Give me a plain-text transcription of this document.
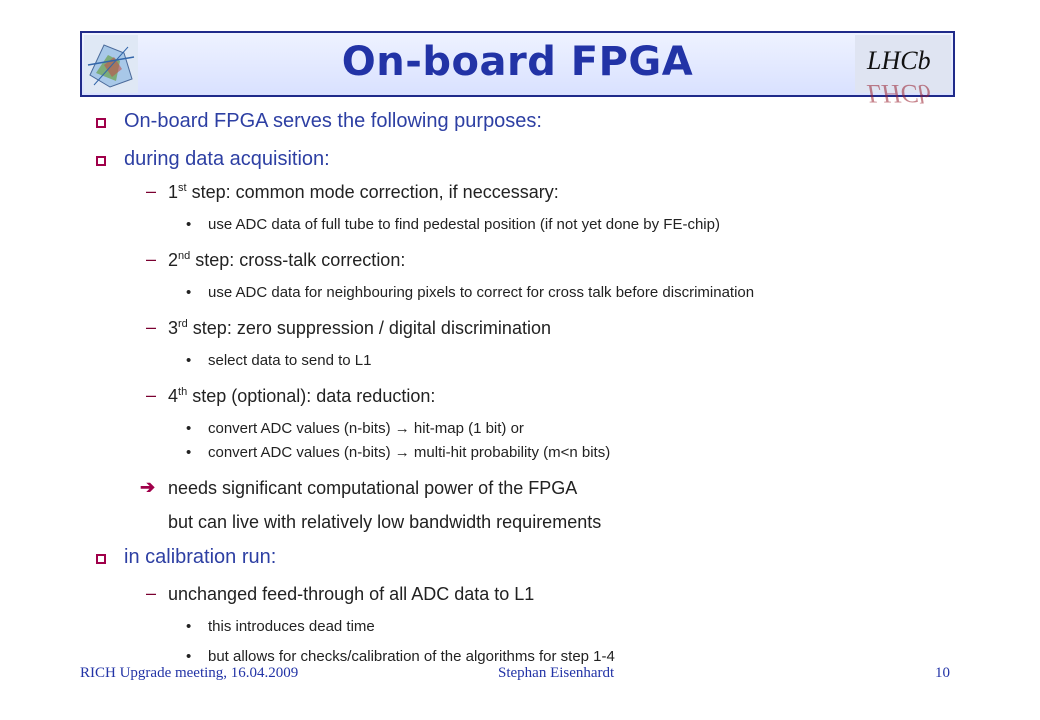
On-board FPGA	LHCb
LHCb
On-board FPGA serves the following purposes:
during data acquisition:
– 1st step: common mode correction, if neccessary:
• use ADC data of full tube to find pedestal position (if not yet done by FE-chip)
– 2nd step: cross-talk correction:
• use ADC data for neighbouring pixels to correct for cross talk before discrimination
– 3rd step: zero suppression / digital discrimination
• select data to send to L1
– 4th step (optional): data reduction:
• convert ADC values (n-bits) → hit-map (1 bit) or
• convert ADC values (n-bits) → multi-hit probability (m<n bits)
➔ needs significant computational power of the FPGA
but can live with relatively low bandwidth requirements
in calibration run:
– unchanged feed-through of all ADC data to L1
• this introduces dead time
• but allows for checks/calibration of the algorithms for step 1-4
RICH Upgrade meeting, 16.04.2009	Stephan Eisenhardt	10
